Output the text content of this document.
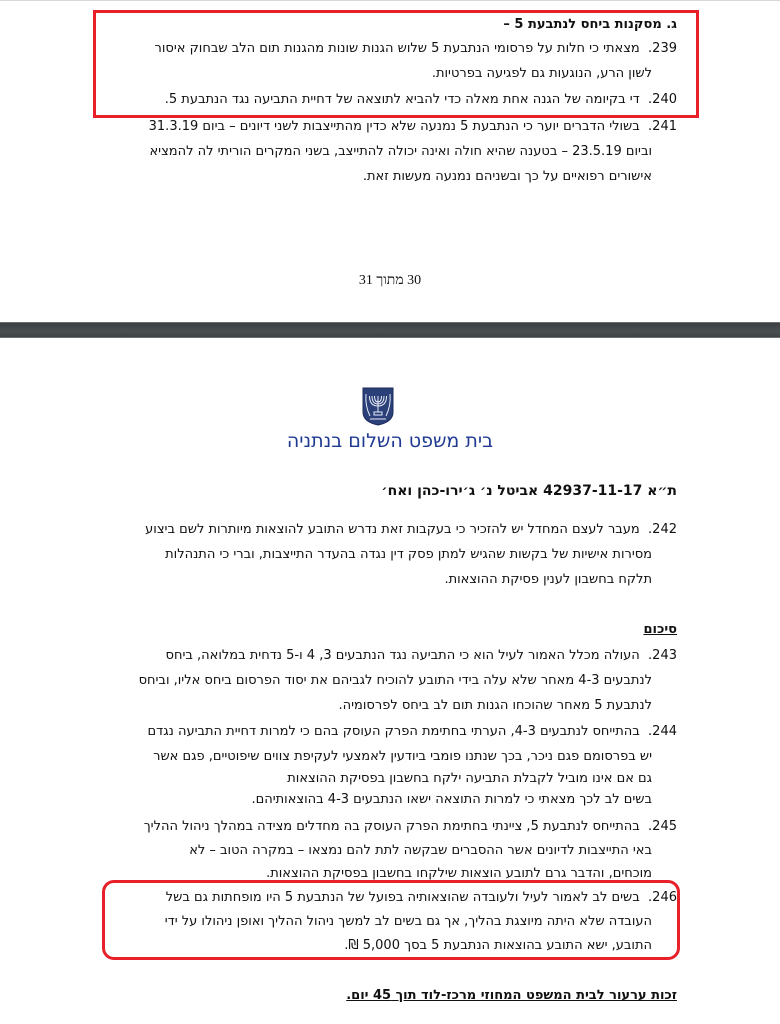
ג. מסקנות ביחס לנתבעת 5 –
239.  מצאתי כי חלות על פרסומי הנתבעת 5 שלוש הגנות שונות מהגנות תום הלב שבחוק איסור
לשון הרע, הנוגעות גם לפגיעה בפרטיות.
240.  די בקיומה של הגנה אחת מאלה כדי להביא לתוצאה של דחיית התביעה נגד הנתבעת 5.
241.  בשולי הדברים יוער כי הנתבעת 5 נמנעה שלא כדין מהתייצבות לשני דיונים – ביום 31.3.19
וביום 23.5.19 – בטענה שהיא חולה ואינה יכולה להתייצב, בשני המקרים הוריתי לה להמציא
אישורים רפואיים על כך ובשניהם נמנעה מעשות זאת.
30 מתוך 31
בית משפט השלום בנתניה
ת״א 42937-11-17 אביטל נ׳ ג׳ירו-כהן ואח׳
242.  מעבר לעצם המחדל יש להזכיר כי בעקבות זאת נדרש התובע להוצאות מיותרות לשם ביצוע
מסירות אישיות של בקשות שהגיש למתן פסק דין נגדה בהעדר התייצבות, וברי כי התנהלות
תלקח בחשבון לענין פסיקת ההוצאות.
סיכום
243.  העולה מכלל האמור לעיל הוא כי התביעה נגד הנתבעים 3, 4 ו-5 נדחית במלואה, ביחס
לנתבעים 4-3 מאחר שלא עלה בידי התובע להוכיח לגביהם את יסוד הפרסום ביחס אליו, וביחס
לנתבעת 5 מאחר שהוכחו הגנות תום לב ביחס לפרסומיה.
244.  בהתייחס לנתבעים 4-3, הערתי בחתימת הפרק העוסק בהם כי למרות דחיית התביעה נגדם
יש בפרסומם פגם ניכר, בכך שנתנו פומבי ביודעין לאמצעי לעקיפת צווים שיפוטיים, פגם אשר
גם אם אינו מוביל לקבלת התביעה ילקח בחשבון בפסיקת ההוצאות
בשים לב לכך מצאתי כי למרות התוצאה ישאו הנתבעים 4-3 בהוצאותיהם.
245.  בהתייחס לנתבעת 5, ציינתי בחתימת הפרק העוסק בה מחדלים מצידה במהלך ניהול ההליך
באי התייצבות לדיונים אשר ההסברים שבקשה לתת להם נמצאו – במקרה הטוב – לא
מוכחים, והדבר גרם לתובע הוצאות שילקחו בחשבון בפסיקת ההוצאות.
246.  בשים לב לאמור לעיל ולעובדה שהוצאותיה בפועל של הנתבעת 5 היו מופחתות גם בשל
העובדה שלא היתה מיוצגת בהליך, אך גם בשים לב למשך ניהול ההליך ואופן ניהולו על ידי
התובע, ישא התובע בהוצאות הנתבעת 5 בסך 5,000 ₪.
זכות ערעור לבית המשפט המחוזי מרכז-לוד תוך 45 יום.
